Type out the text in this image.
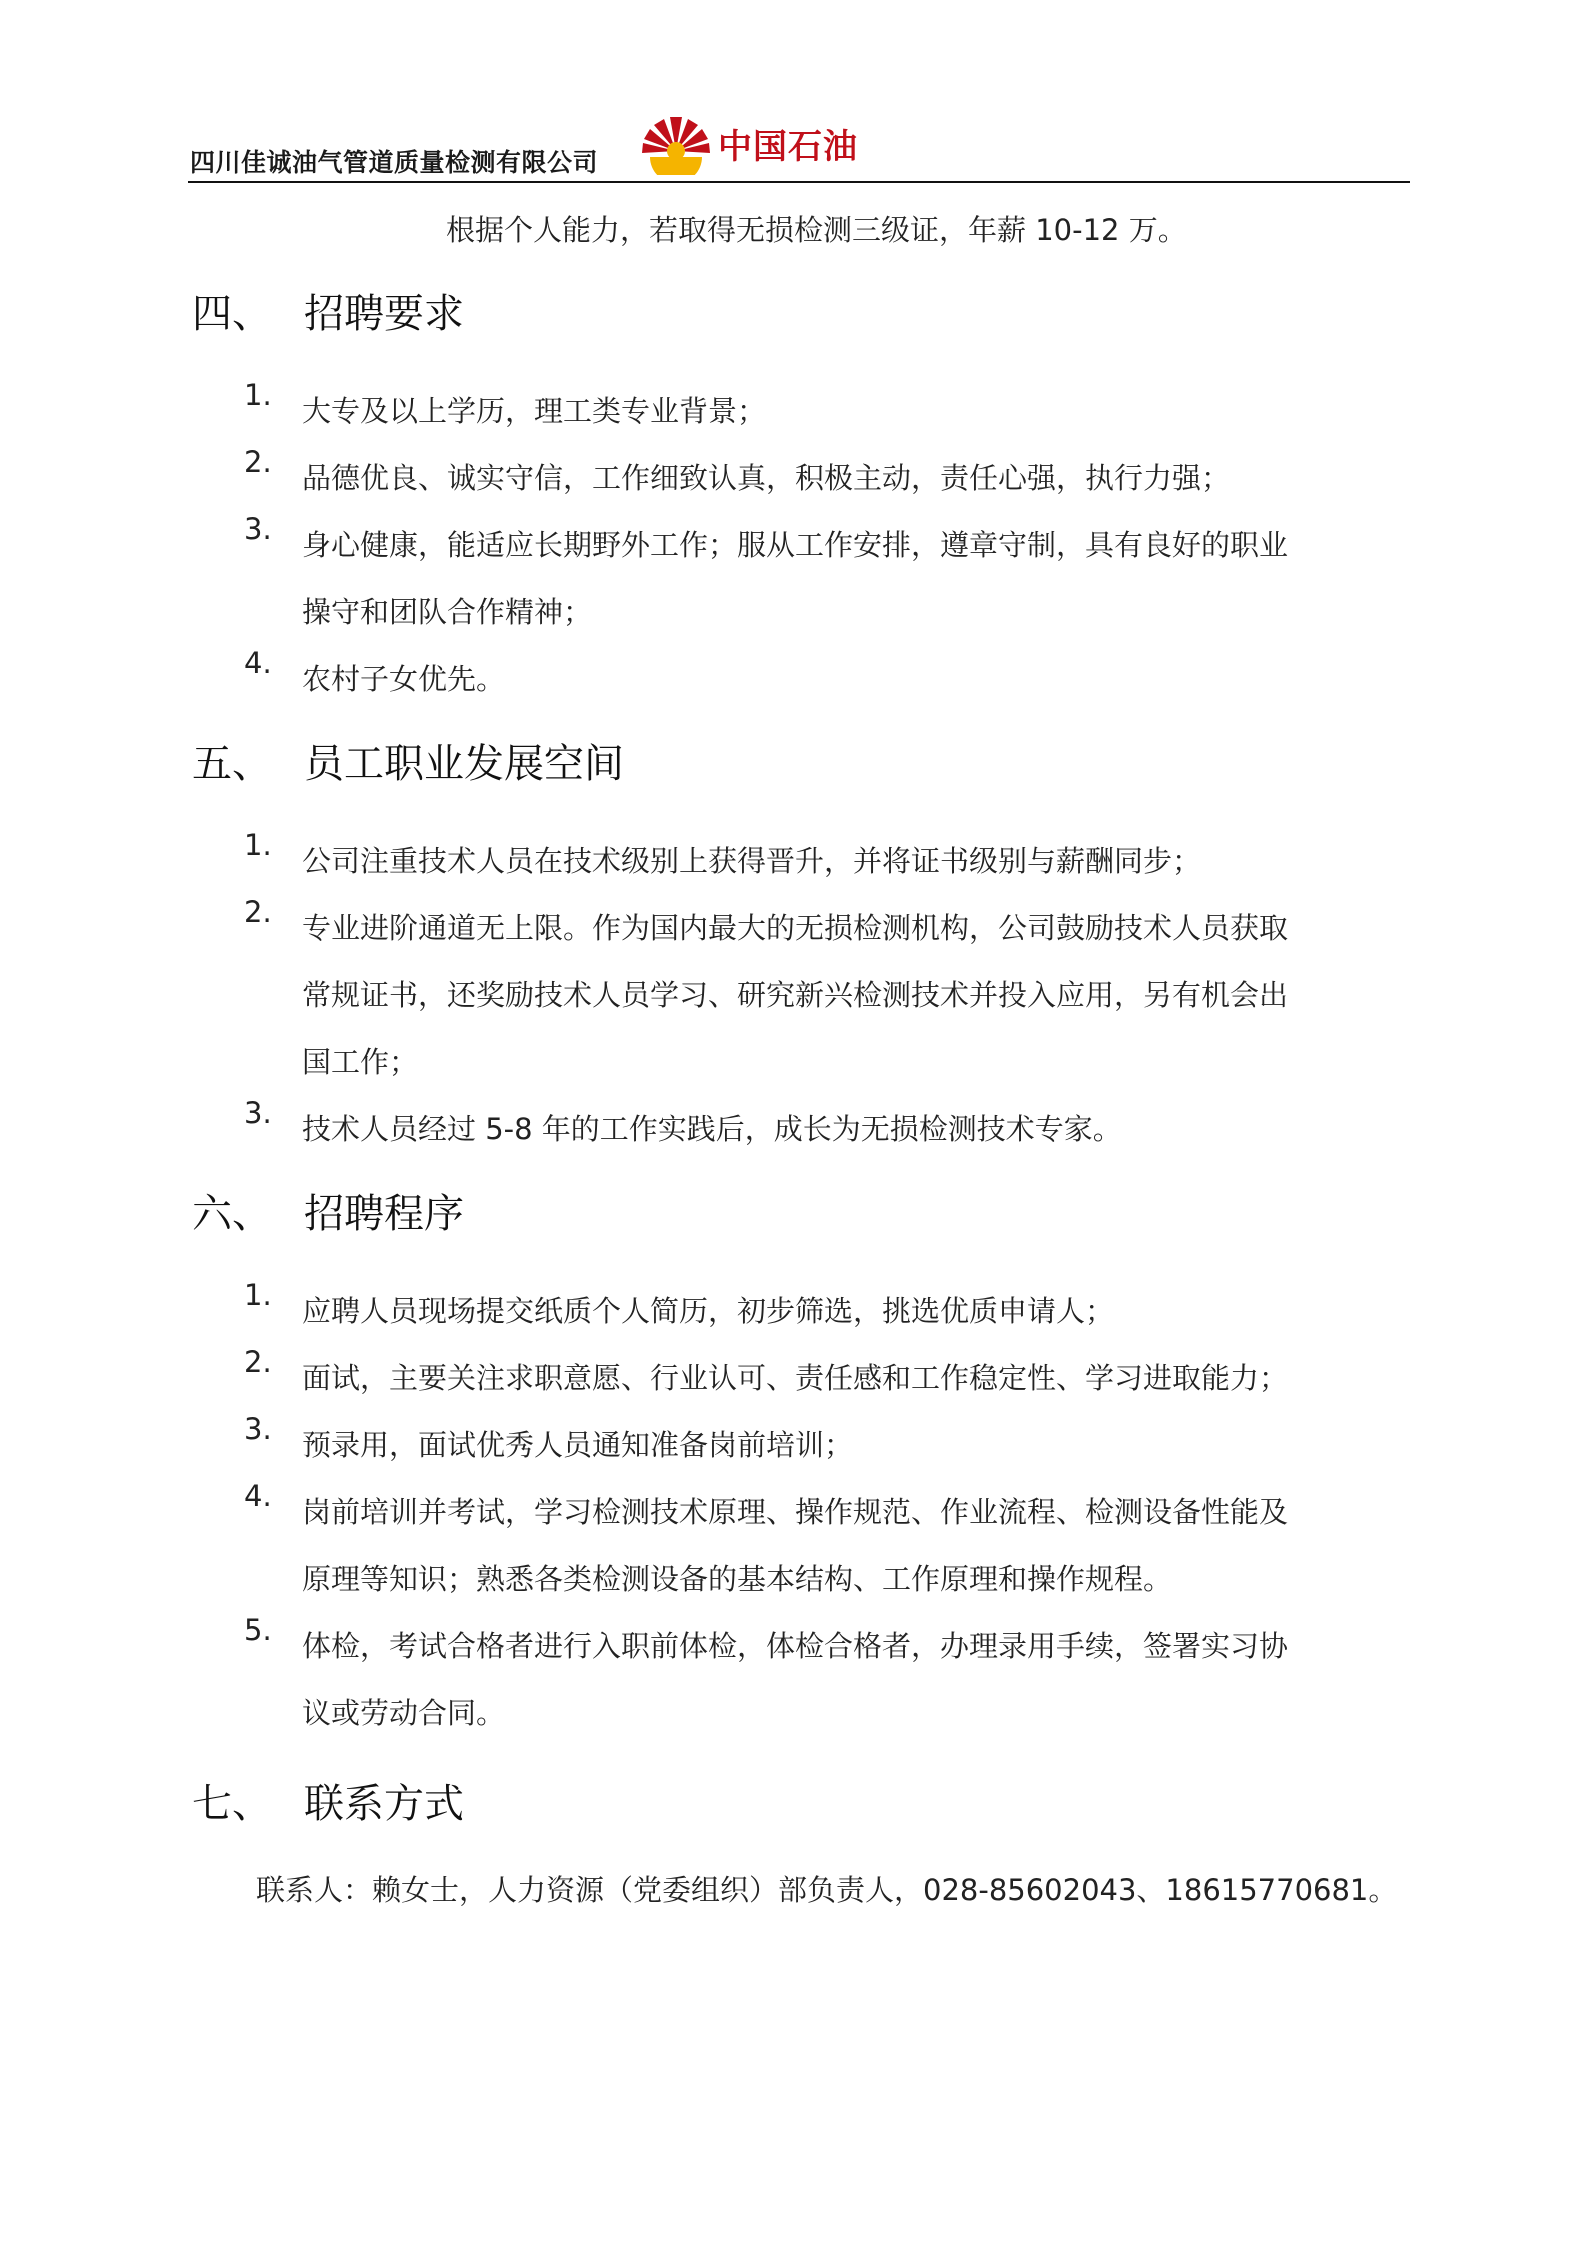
四川佳诚油气管道质量检测有限公司	中国石油
根据个人能力，若取得无损检测三级证，年薪 10-12 万。
四、 招聘要求
1.	大专及以上学历，理工类专业背景；
2.	品德优良、诚实守信，工作细致认真，积极主动，责任心强，执行力强；
3.	身心健康，能适应长期野外工作；服从工作安排，遵章守制，具有良好的职业
操守和团队合作精神；
4.	农村子女优先。
五、 员工职业发展空间
1.	公司注重技术人员在技术级别上获得晋升，并将证书级别与薪酬同步；
2.	专业进阶通道无上限。作为国内最大的无损检测机构，公司鼓励技术人员获取
常规证书，还奖励技术人员学习、研究新兴检测技术并投入应用，另有机会出
国工作；
3.	技术人员经过 5-8 年的工作实践后，成长为无损检测技术专家。
六、 招聘程序
1.	应聘人员现场提交纸质个人简历，初步筛选，挑选优质申请人；
2.	面试，主要关注求职意愿、行业认可、责任感和工作稳定性、学习进取能力；
3.	预录用，面试优秀人员通知准备岗前培训；
4.	岗前培训并考试，学习检测技术原理、操作规范、作业流程、检测设备性能及
原理等知识；熟悉各类检测设备的基本结构、工作原理和操作规程。
5.	体检，考试合格者进行入职前体检，体检合格者，办理录用手续，签署实习协
议或劳动合同。
七、 联系方式
联系人：赖女士，人力资源（党委组织）部负责人，028-85602043、18615770681。
